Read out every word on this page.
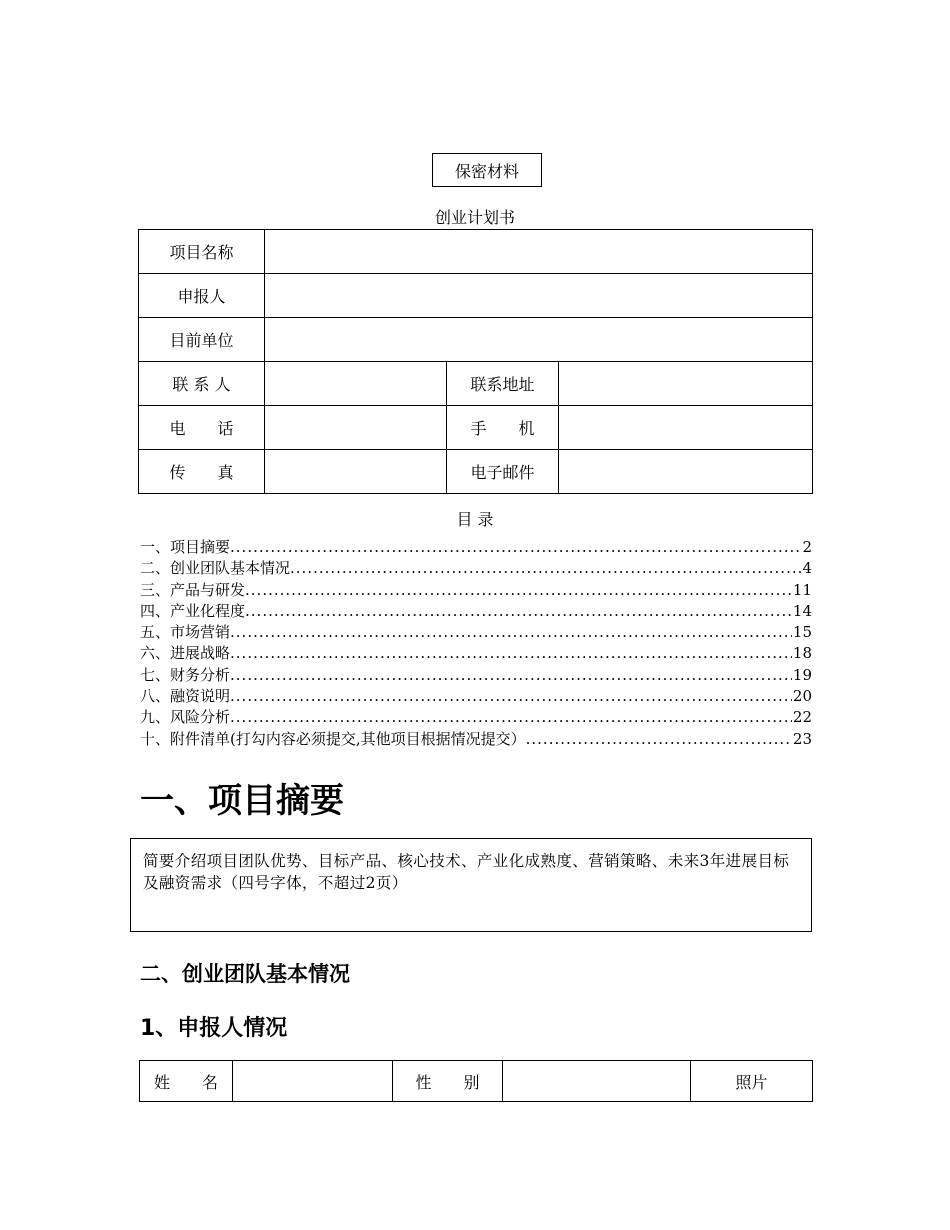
保密材料
创业计划书
项目名称			
申报人			
目前单位			
联 系 人		联系地址	
电　　话		手　　机	
传　　真		电子邮件	
目 录
一、项目摘要 .....	2
二、创业团队基本情况 .....	4
三、产品与研发 .....	11
四、产业化程度 .....	14
五、市场营销 .....	15
六、进展战略 .....	18
七、财务分析 .....	19
八、融资说明 .....	20
九、风险分析 .....	22
十、附件清单(打勾内容必须提交,其他项目根据情况提交） .....	23
一、项目摘要
简要介绍项目团队优势、目标产品、核心技术、产业化成熟度、营销策略、未来3年进展目标及融资需求（四号字体，不超过2页）
二、创业团队基本情况
1、申报人情况
姓　　名		性　　别		照片
